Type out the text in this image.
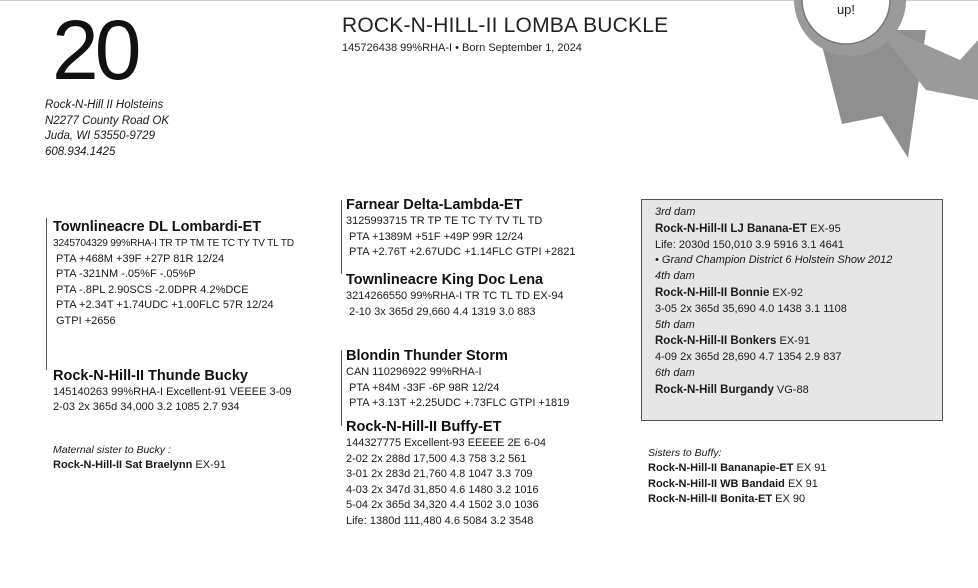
up!
20
Rock-N-Hill II Holsteins
N2277 County Road OK
Juda, WI 53550-9729
608.934.1425
ROCK-N-HILL-II LOMBA BUCKLE
145726438 99%RHA-I • Born September 1, 2024
Townlineacre DL Lombardi-ET
3245704329 99%RHA-I TR TP TM TE TC TY TV TL TD
PTA +468M +39F +27P 81R 12/24
PTA -321NM -.05%F -.05%P
PTA -.8PL 2.90SCS -2.0DPR 4.2%DCE
PTA +2.34T +1.74UDC +1.00FLC 57R 12/24
GTPI +2656
Rock-N-Hill-II Thunde Bucky
145140263 99%RHA-I Excellent-91 VEEEE 3-09
2-03 2x 365d 34,000 3.2 1085 2.7 934
Maternal sister to Bucky :
Rock-N-Hill-II Sat Braelynn EX-91
Farnear Delta-Lambda-ET
3125993715 TR TP TE TC TY TV TL TD
PTA +1389M +51F +49P 99R 12/24
PTA +2.76T +2.67UDC +1.14FLC GTPI +2821
Townlineacre King Doc Lena
3214266550 99%RHA-I TR TC TL TD EX-94
2-10 3x 365d 29,660 4.4 1319 3.0 883
Blondin Thunder Storm
CAN 110296922 99%RHA-I
PTA +84M -33F -6P 98R 12/24
PTA +3.13T +2.25UDC +.73FLC GTPI +1819
Rock-N-Hill-II Buffy-ET
144327775 Excellent-93 EEEEE 2E 6-04
2-02 2x 288d 17,500 4.3 758 3.2 561
3-01 2x 283d 21,760 4.8 1047 3.3 709
4-03 2x 347d 31,850 4.6 1480 3.2 1016
5-04 2x 365d 34,320 4.4 1502 3.0 1036
Life: 1380d 111,480 4.6 5084 3.2 3548
3rd dam
Rock-N-Hill-II LJ Banana-ET EX-95
Life: 2030d 150,010 3.9 5916 3.1 4641
• Grand Champion District 6 Holstein Show 2012
4th dam
Rock-N-Hill-II Bonnie EX-92
3-05 2x 365d 35,690 4.0 1438 3.1 1108
5th dam
Rock-N-Hill-II Bonkers EX-91
4-09 2x 365d 28,690 4.7 1354 2.9 837
6th dam
Rock-N-Hill Burgandy VG-88
Sisters to Buffy:
Rock-N-Hill-II Bananapie-ET EX 91
Rock-N-Hill-II WB Bandaid EX 91
Rock-N-Hill-II Bonita-ET EX 90
